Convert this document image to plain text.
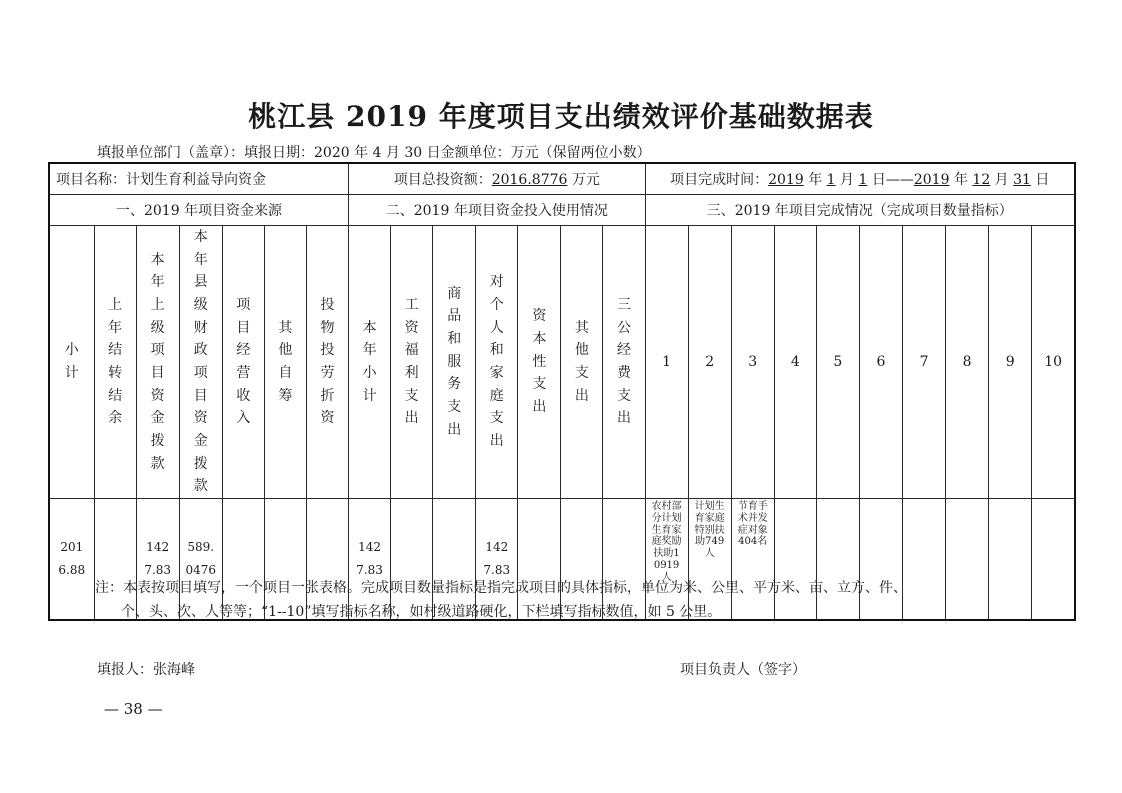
桃江县 2019 年度项目支出绩效评价基础数据表
填报单位部门（盖章）：填报日期：2020 年 4 月 30 日金额单位：万元（保留两位小数）
项目名称：计划生育利益导向资金							项目总投资额：2016.8776 万元							项目完成时间：2019 年 1 月 1 日——2019 年 12 月 31 日									
一、2019 年项目资金来源							二、2019 年项目资金投入使用情况							三、2019 年项目完成情况（完成项目数量指标）									
小计	上年结转结余	本年上级项目资金拨款	本年县级财政项目资金拨款	项目经营收入	其他自筹	投物投劳折资	本年小计	工资福利支出	商品和服务支出	对个人和家庭支出	资本性支出	其他支出	三公经费支出	1	2	3	4	5	6	7	8	9	10
2016.88		1427.83	589.0476				1427.83			1427.83				农村部分计划生育家庭奖励扶助10919人	计划生育家庭特别扶助749人	节育手术并发症对象404名							
注：本表按项目填写，一个项目一张表格。完成项目数量指标是指完成项目的具体指标，单位为米、公里、平方米、亩、立方、件、
个、头、次、人等等；“1--10”填写指标名称，如村级道路硬化，下栏填写指标数值，如 5 公里。
填报人：张海峰	项目负责人（签字）
— 38 —
